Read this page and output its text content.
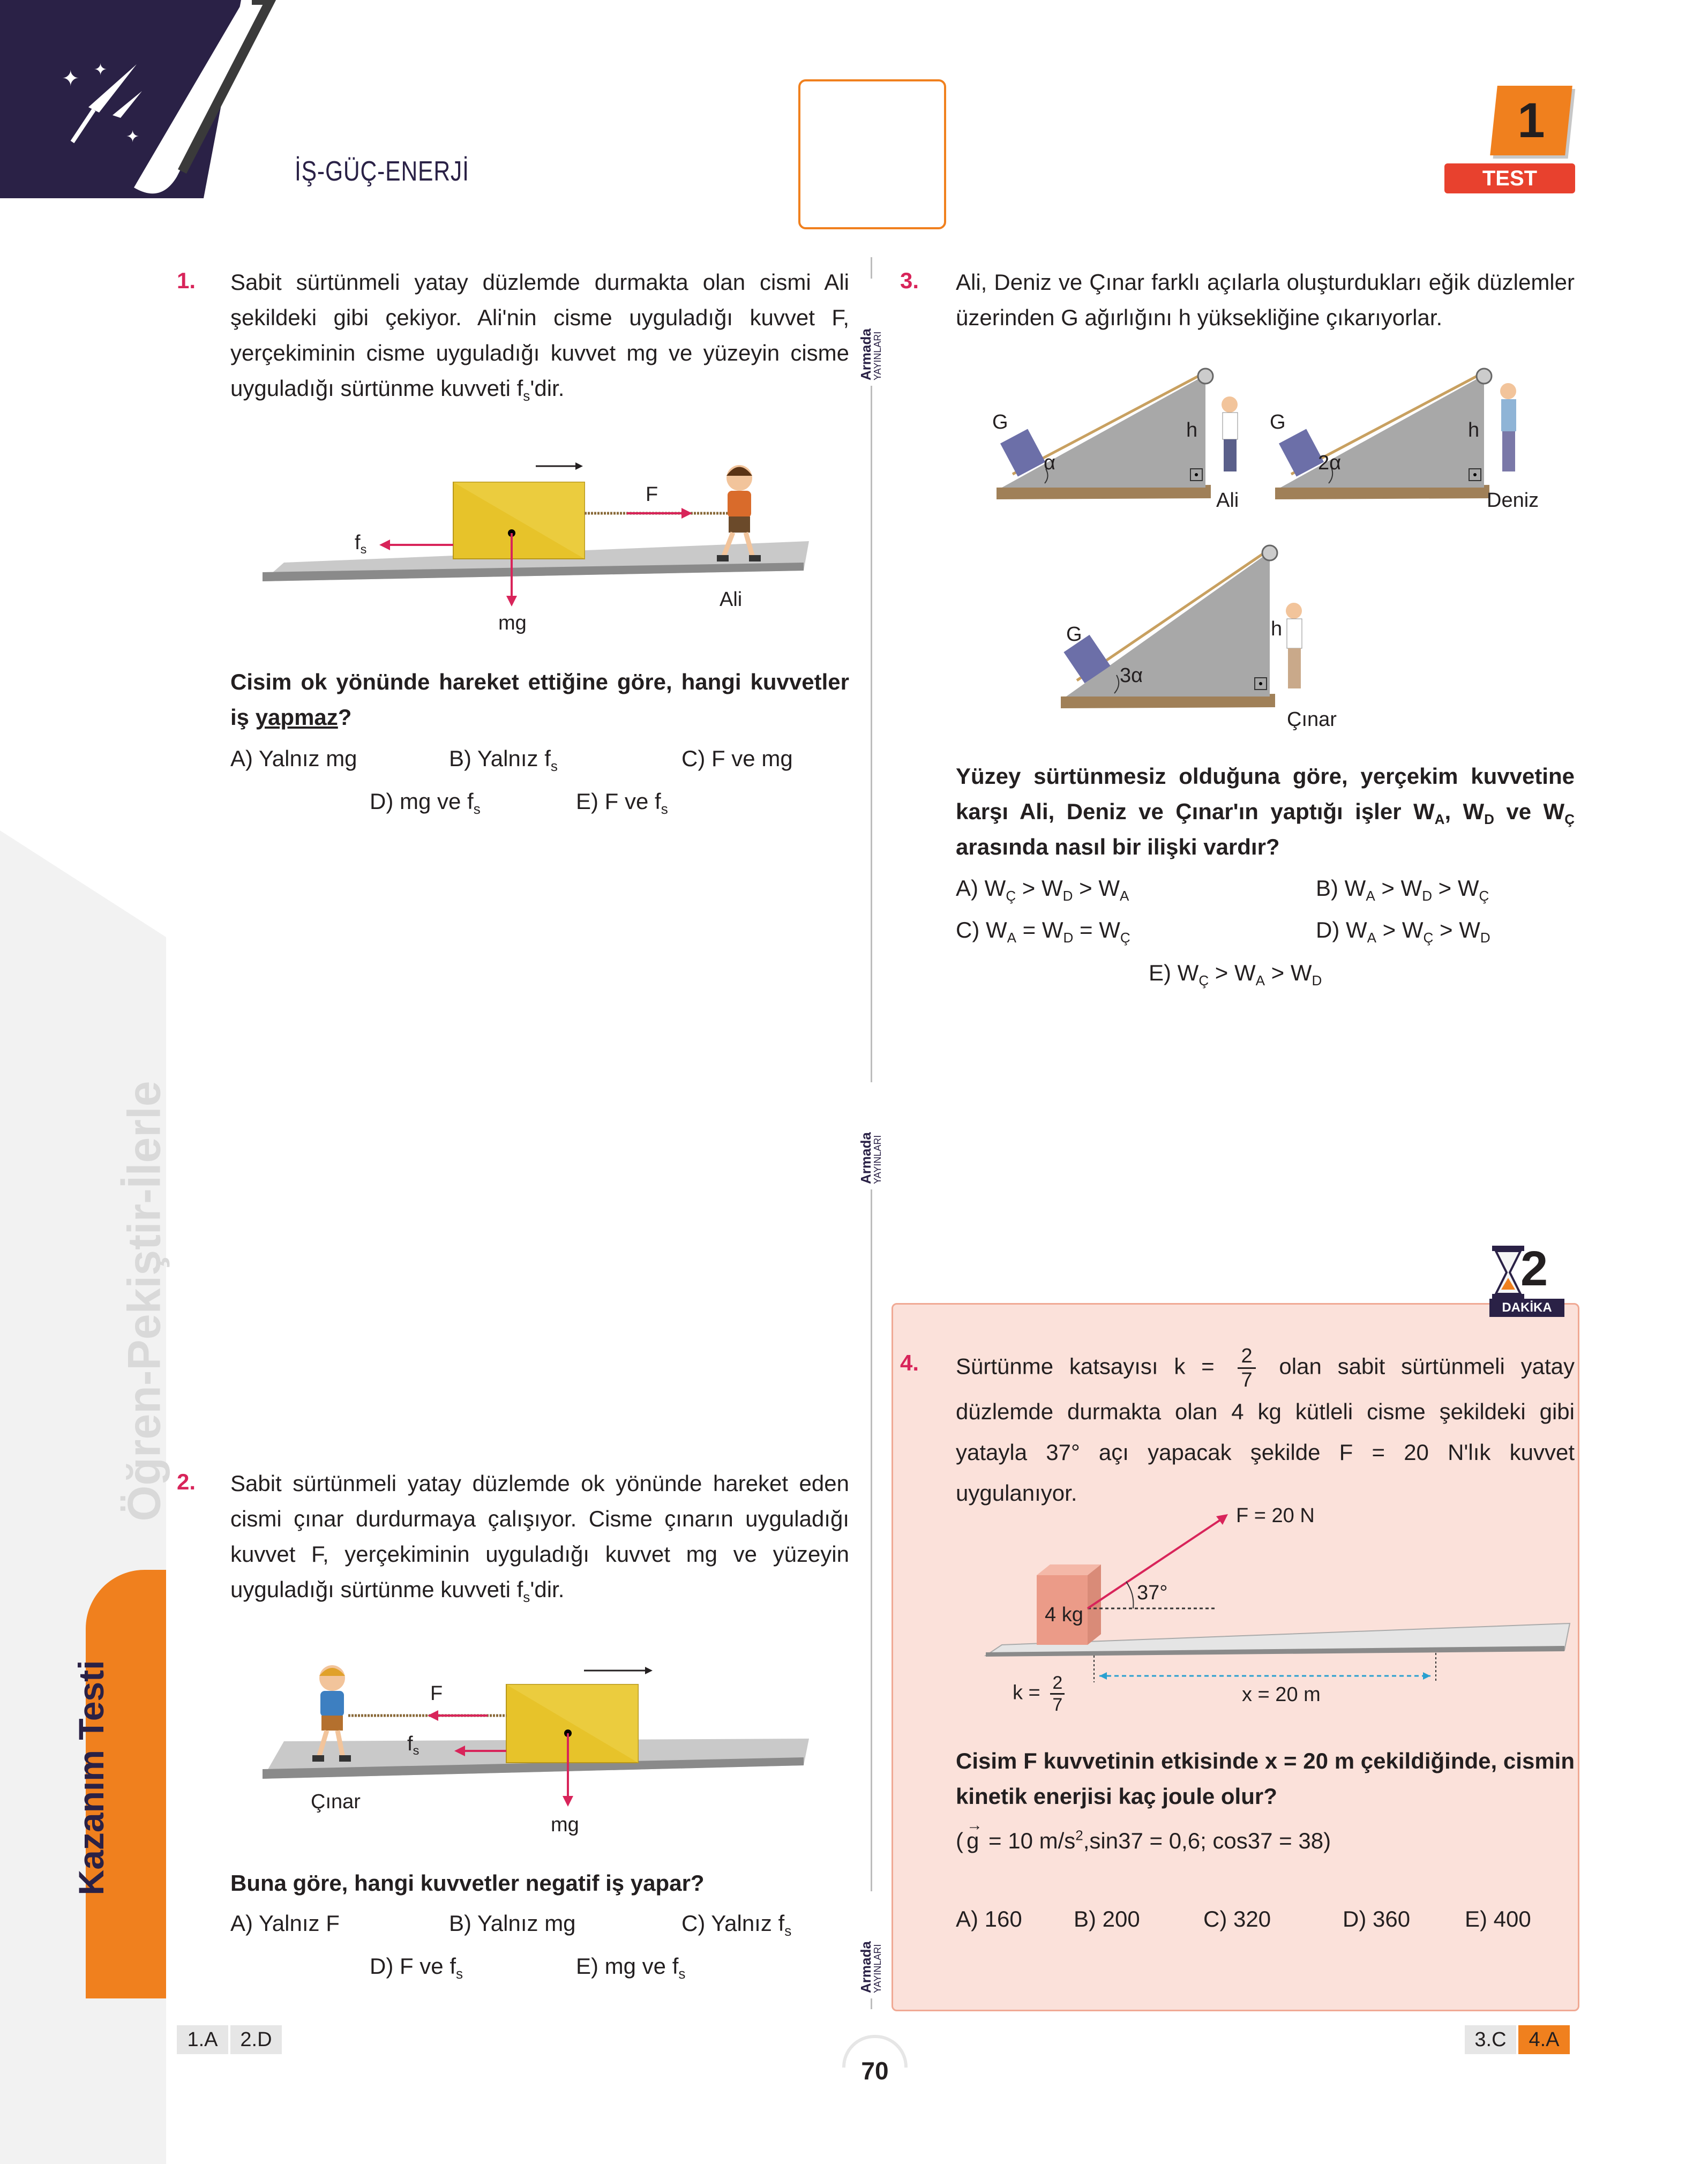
✦ ✦
✦
İŞ-GÜÇ-ENERJİ
1
TEST
Öğren-Pekiştir-İlerle
Kazanım Testi
Armada
YAYINLARI
Armada
YAYINLARI
Armada
YAYINLARI
1. Sabit sürtünmeli yatay düzlemde durmakta olan cismi Ali şekildeki gibi çekiyor. Ali'nin cisme uyguladığı kuvvet F, yerçekiminin cisme uyguladığı kuvvet mg ve yüzeyin cisme uyguladığı sürtünme kuvveti $f_s'dir$.
$f_s$
F
mg
Ali
Cisim ok yönünde hareket ettiğine göre, hangi kuvvetler iş yapmaz?
A) Yalnız mg	B) Yalnız $f_s$	C) F ve mg
D) mg ve $f_s$	E) F ve $f_s$
2. Sabit sürtünmeli yatay düzlemde ok yönünde hareket eden cismi çınar durdurmaya çalışıyor. Cisme çınarın uyguladığı kuvvet F, yerçekiminin uyguladığı kuvvet mg ve yüzeyin uyguladığı sürtünme kuvveti $f_s'dir$.
F
$f_s$
mg
Çınar
Buna göre, hangi kuvvetler negatif iş yapar?
A) Yalnız F	B) Yalnız mg	C) Yalnız $f_s$
D) F ve $f_s$	E) mg ve $f_s$
3. Ali, Deniz ve Çınar farklı açılarla oluşturdukları eğik düzlemler üzerinden G ağırlığını h yüksekliğine çıkarıyorlar.
G	h
α
Ali
G	h
2α
Deniz
G	h
3α
Çınar
Yüzey sürtünmesiz olduğuna göre, yerçekim kuvvetine karşı Ali, Deniz ve Çınar'ın yaptığı işler $W_A$, $W_D$ ve $W_Ç$ arasında nasıl bir ilişki vardır?
A) $W_Ç > W_D > W_A$	B) $W_A > W_D > W_Ç$
C) $W_A = W_D = W_Ç$	D) $W_A > W_Ç > W_D$
E) $W_Ç > W_A > W_D$
2
DAKİKA
4. Sürtünme katsayısı $k = \frac{2}{7}$ olan sabit sürtünmeli yatay düzlemde durmakta olan 4 kg kütleli cisme şekildeki gibi yatayla 37° açı yapacak şekilde F = 20 N'lık kuvvet uygulanıyor.
F = 20 N
37°
4 kg
$k = \frac{2}{7}$	x = 20 m
Cisim F kuvvetinin etkisinde x = 20 m çekildiğinde, cismin kinetik enerjisi kaç joule olur?
(
→
g = 10 $m/s^2,\sin 37 = 0,6$; cos37 = 38)
A) 160 B) 200	C) 320	D) 360 E) 400
1.A	2.D	3.C	4.A
70
